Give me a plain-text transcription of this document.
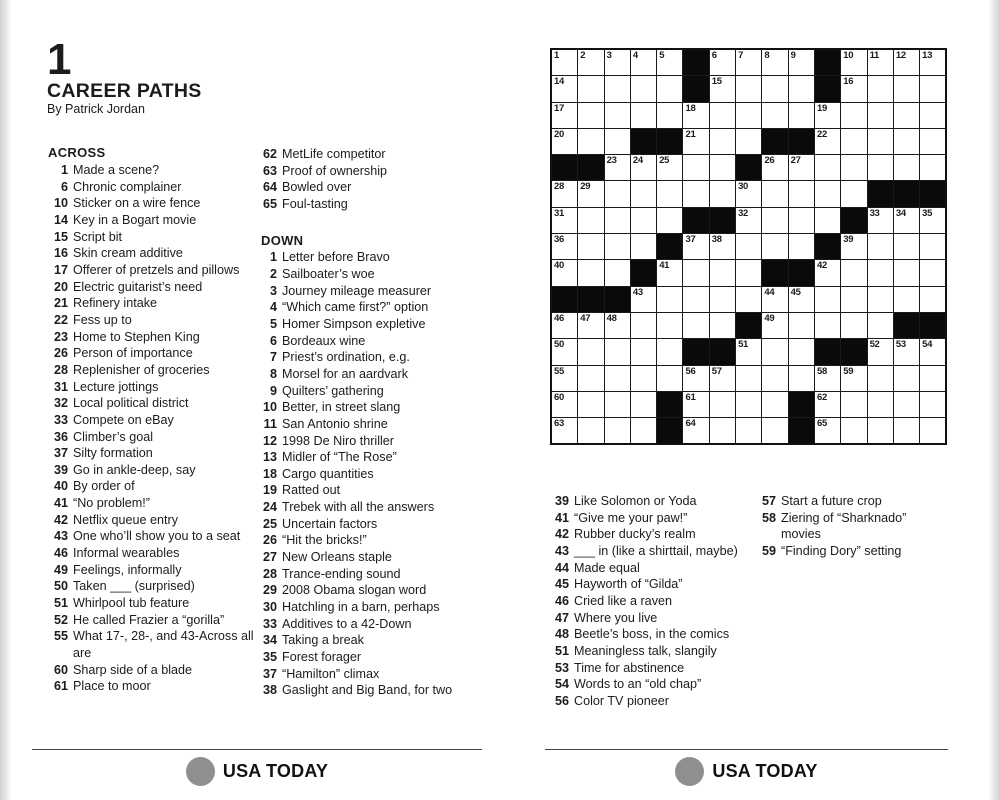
1
CAREER PATHS
By Patrick Jordan
ACROSS
1 Made a scene?
6 Chronic complainer
10 Sticker on a wire fence
14 Key in a Bogart movie
15 Script bit
16 Skin cream additive
17 Offerer of pretzels and pillows
20 Electric guitarist’s need
21 Refinery intake
22 Fess up to
23 Home to Stephen King
26 Person of importance
28 Replenisher of groceries
31 Lecture jottings
32 Local political district
33 Compete on eBay
36 Climber’s goal
37 Silty formation
39 Go in ankle-deep, say
40 By order of
41 “No problem!”
42 Netflix queue entry
43 One who’ll show you to a seat
46 Informal wearables
49 Feelings, informally
50 Taken ___ (surprised)
51 Whirlpool tub feature
52 He called Frazier a “gorilla”
55 What 17-, 28-, and 43-Across all are
60 Sharp side of a blade
61 Place to moor
62 MetLife competitor
63 Proof of ownership
64 Bowled over
65 Foul-tasting
DOWN
1 Letter before Bravo
2 Sailboater’s woe
3 Journey mileage measurer
4 “Which came first?” option
5 Homer Simpson expletive
6 Bordeaux wine
7 Priest’s ordination, e.g.
8 Morsel for an aardvark
9 Quilters’ gathering
10 Better, in street slang
11 San Antonio shrine
12 1998 De Niro thriller
13 Midler of “The Rose”
18 Cargo quantities
19 Ratted out
24 Trebek with all the answers
25 Uncertain factors
26 “Hit the bricks!”
27 New Orleans staple
28 Trance-ending sound
29 2008 Obama slogan word
30 Hatchling in a barn, perhaps
33 Additives to a 42-Down
34 Taking a break
35 Forest forager
37 “Hamilton” climax
38 Gaslight and Big Band, for two
USA TODAY
1 2 3 4 5	6 7 8 9	10 11 12 13
14	15	16
17	18	19
20	21	22
23 24 25	26 27
28 29	30
31	32	33 34 35
36	37 38	39
40	41	42
43	44 45
46 47 48	49
50	51	52 53 54
55	56 57	58 59
60	61	62
63	64	65
39 Like Solomon or Yoda
41 “Give me your paw!”
42 Rubber ducky’s realm
43 ___ in (like a shirttail, maybe)
44 Made equal
45 Hayworth of “Gilda”
46 Cried like a raven
47 Where you live
48 Beetle’s boss, in the comics
51 Meaningless talk, slangily
53 Time for abstinence
54 Words to an “old chap”
56 Color TV pioneer
57 Start a future crop
58 Ziering of “Sharknado” movies
59 “Finding Dory” setting
USA TODAY
